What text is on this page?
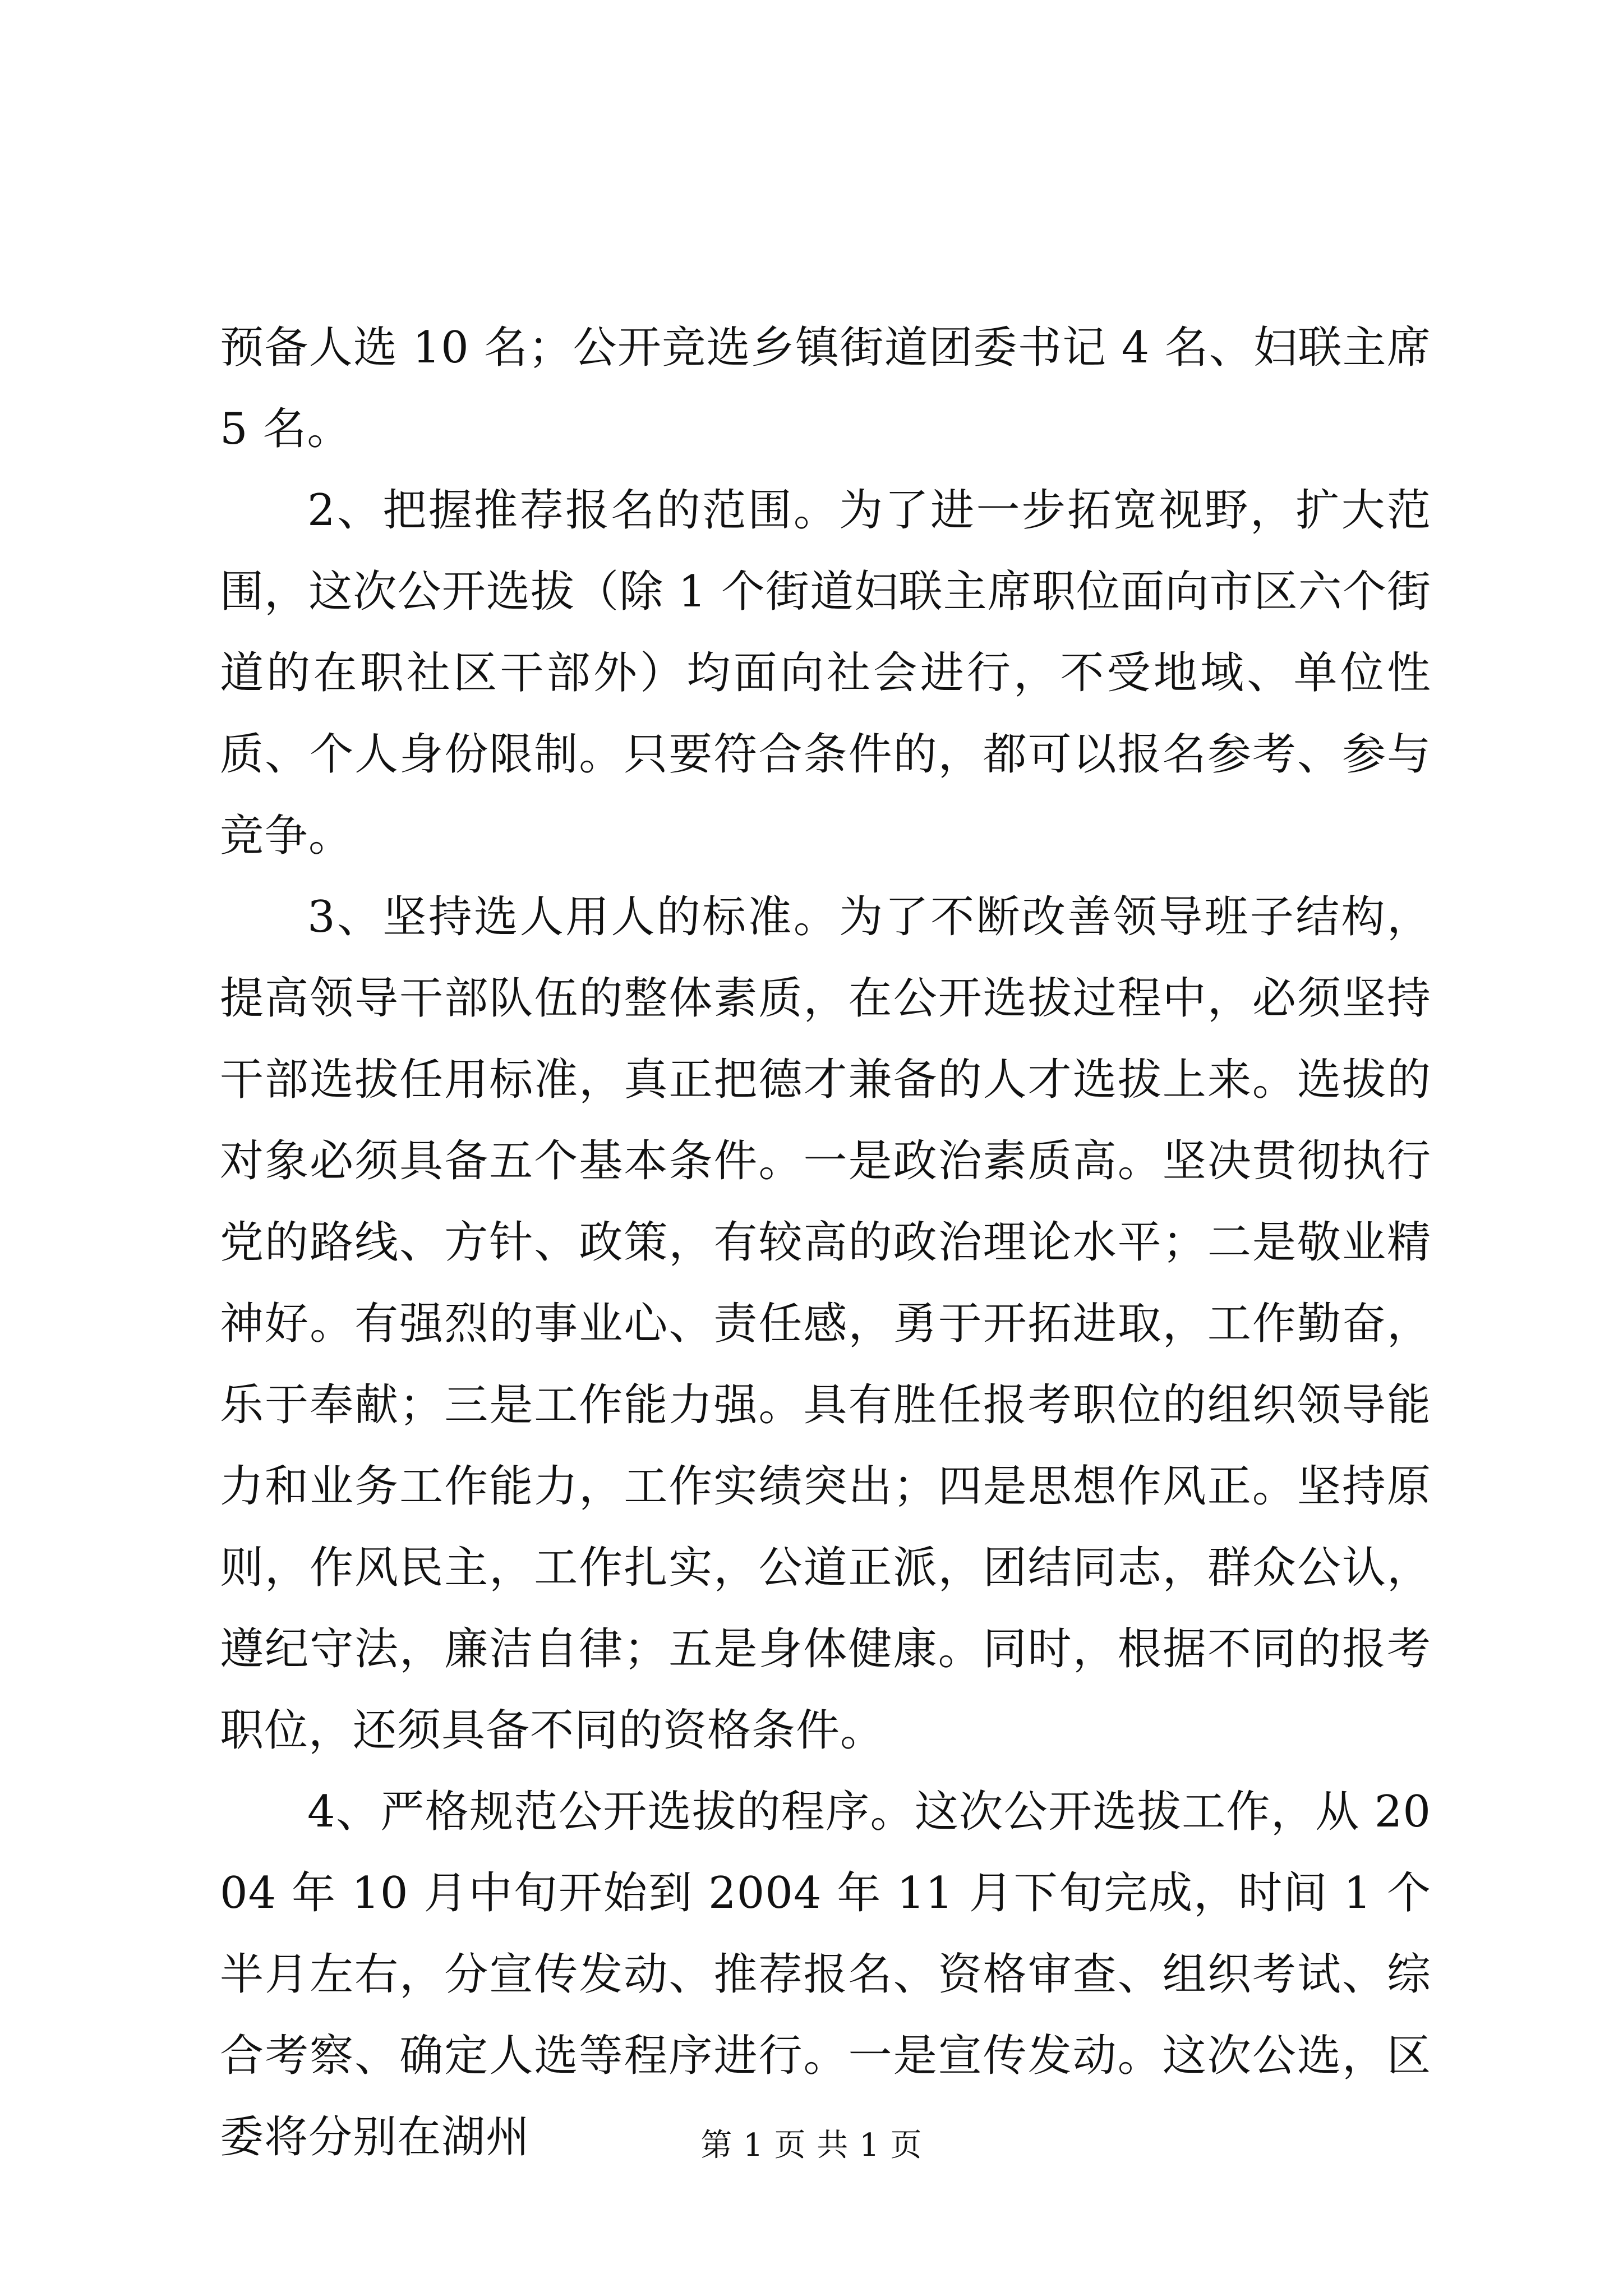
预备人选 10 名；公开竞选乡镇街道团委书记 4 名、妇联主席 5 名。

2、把握推荐报名的范围。为了进一步拓宽视野，扩大范围，这次公开选拔（除 1 个街道妇联主席职位面向市区六个街道的在职社区干部外）均面向社会进行，不受地域、单位性质、个人身份限制。只要符合条件的，都可以报名参考、参与竞争。

3、坚持选人用人的标准。为了不断改善领导班子结构，提高领导干部队伍的整体素质，在公开选拔过程中，必须坚持干部选拔任用标准，真正把德才兼备的人才选拔上来。选拔的对象必须具备五个基本条件。一是政治素质高。坚决贯彻执行党的路线、方针、政策，有较高的政治理论水平；二是敬业精神好。有强烈的事业心、责任感，勇于开拓进取，工作勤奋，乐于奉献；三是工作能力强。具有胜任报考职位的组织领导能力和业务工作能力，工作实绩突出；四是思想作风正。坚持原则，作风民主，工作扎实，公道正派，团结同志，群众公认，遵纪守法，廉洁自律；五是身体健康。同时，根据不同的报考职位，还须具备不同的资格条件。

4、严格规范公开选拔的程序。这次公开选拔工作，从 2004 年 10 月中旬开始到 2004 年 11 月下旬完成，时间 1 个半月左右，分宣传发动、推荐报名、资格审查、组织考试、综合考察、确定人选等程序进行。一是宣传发动。这次公选，区委将分别在湖州	第 1 页 共 1 页
